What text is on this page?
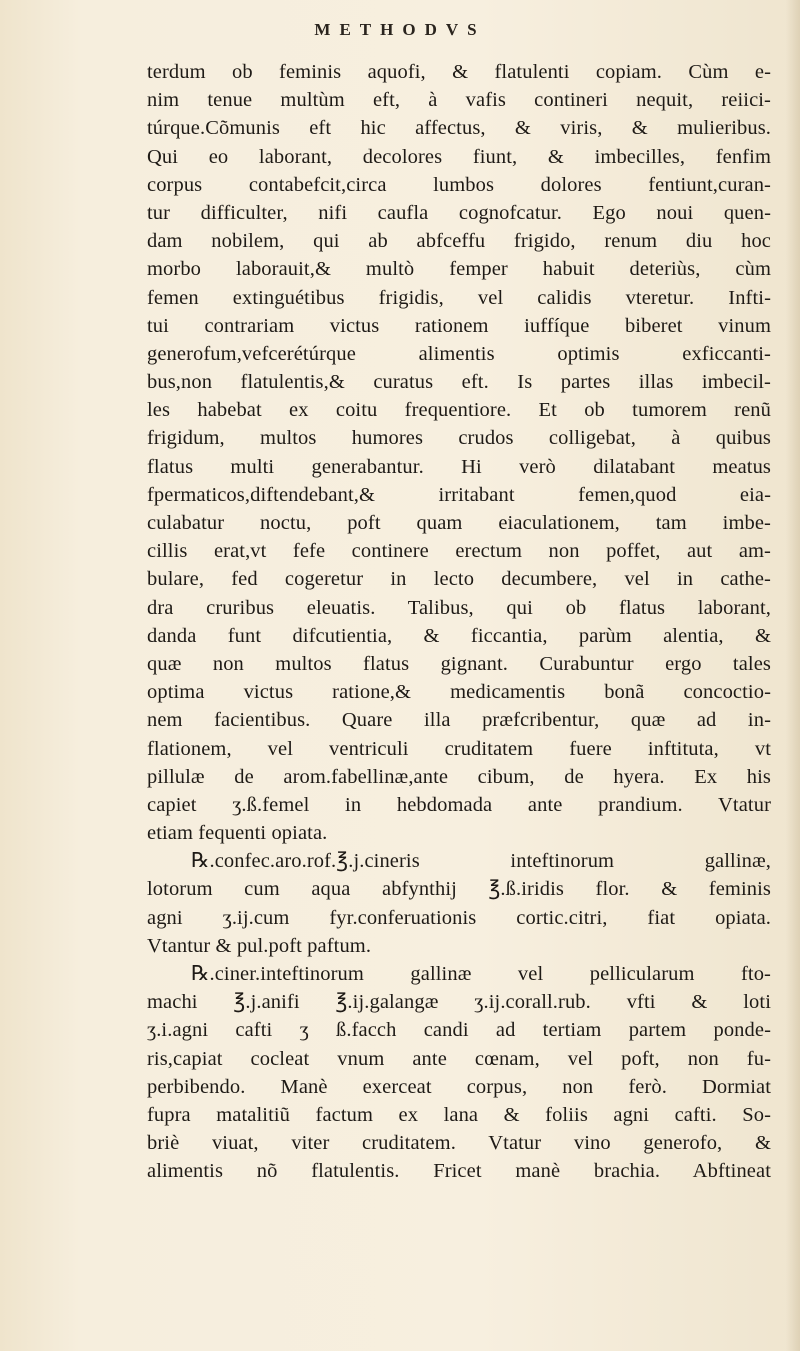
METHODVS
terdum ob feminis aquofi, & flatulenti copiam. Cùm e-
nim tenue multùm eft, à vafis contineri nequit, reiici-
túrque.Cõmunis eft hic affectus, & viris, & mulieribus.
Qui eo laborant, decolores fiunt, & imbecilles, fenfim
corpus contabefcit,circa lumbos dolores fentiunt,curan-
tur difficulter, nifi caufla cognofcatur. Ego noui quen-
dam nobilem, qui ab abfceffu frigido, renum diu hoc
morbo laborauit,& multò femper habuit deteriùs, cùm
femen extinguétibus frigidis, vel calidis vteretur. Infti-
tui contrariam victus rationem iuffíque biberet vinum
generofum,vefcerétúrque alimentis optimis exficcanti-
bus,non flatulentis,& curatus eft. Is partes illas imbecil-
les habebat ex coitu frequentiore. Et ob tumorem renũ
frigidum, multos humores crudos colligebat, à quibus
flatus multi generabantur. Hi verò dilatabant meatus
fpermaticos,diftendebant,& irritabant femen,quod eia-
culabatur noctu, poft quam eiaculationem, tam imbe-
cillis erat,vt fefe continere erectum non poffet, aut am-
bulare, fed cogeretur in lecto decumbere, vel in cathe-
dra cruribus eleuatis. Talibus, qui ob flatus laborant,
danda funt difcutientia, & ficcantia, parùm alentia, &
quæ non multos flatus gignant. Curabuntur ergo tales
optima victus ratione,& medicamentis bonã concoctio-
nem facientibus. Quare illa præfcribentur, quæ ad in-
flationem, vel ventriculi cruditatem fuere inftituta, vt
pillulæ de arom.fabellinæ,ante cibum, de hyera. Ex his
capiet ʒ.ß.femel in hebdomada ante prandium. Vtatur
etiam fequenti opiata.
℞.confec.aro.rof.℥.j.cineris inteftinorum gallinæ,
lotorum cum aqua abfynthij ℥.ß.iridis flor. & feminis
agni ʒ.ij.cum fyr.conferuationis cortic.citri, fiat opiata.
Vtantur & pul.poft paftum.
℞.ciner.inteftinorum gallinæ vel pellicularum fto-
machi ℥.j.anifi ℥.ij.galangæ ʒ.ij.corall.rub. vfti & loti
ʒ.i.agni cafti ʒ ß.facch candi ad tertiam partem ponde-
ris,capiat cocleat vnum ante cœnam, vel poft, non fu-
perbibendo. Manè exerceat corpus, non ferò. Dormiat
fupra matalitiũ factum ex lana & foliis agni cafti. So-
briè viuat, viter cruditatem. Vtatur vino generofo, &
alimentis nõ flatulentis. Fricet manè brachia. Abftineat
